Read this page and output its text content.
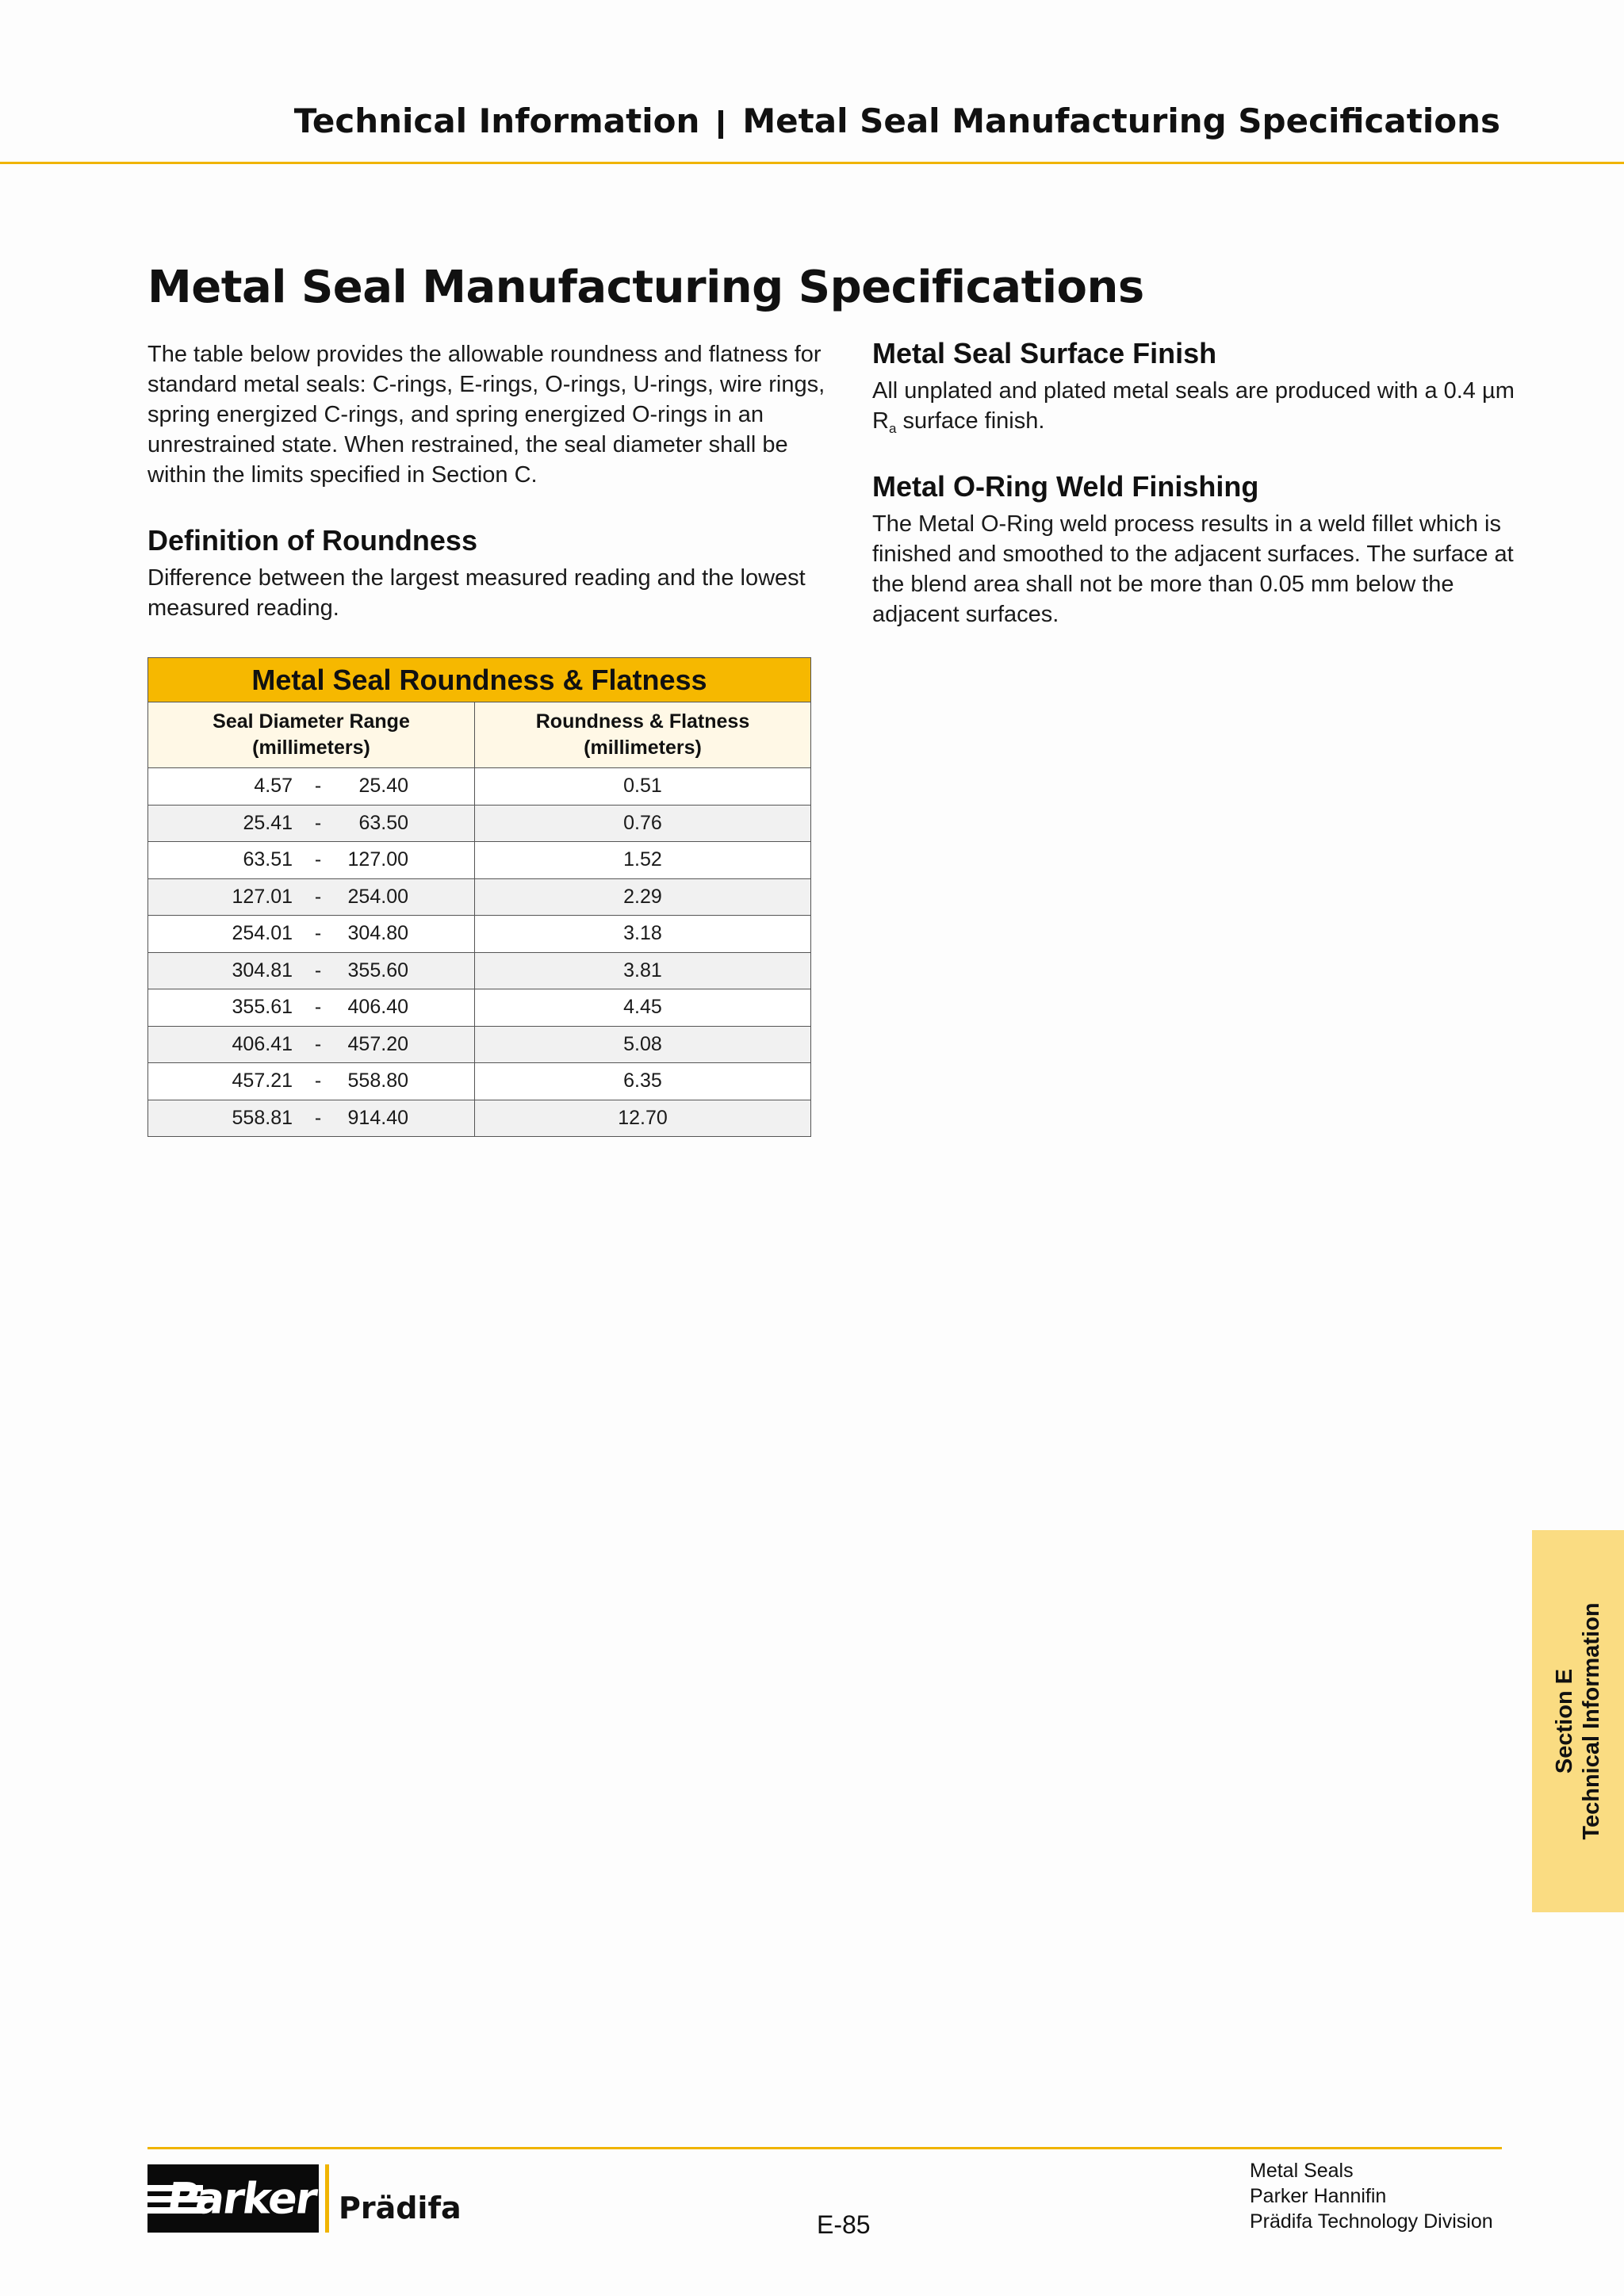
Technical Information Metal Seal Manufacturing Specifications
Metal Seal Manufacturing Specifications

The table below provides the allowable roundness and flatness for standard metal seals: C-rings, E-rings, O-rings, U-rings, wire rings, spring energized C-rings, and spring energized O-rings in an unrestrained state. When restrained, the seal diameter shall be within the limits specified in Section C.

Definition of Roundness

Difference between the largest measured reading and the lowest measured reading.

Metal Seal Surface Finish

All unplated and plated metal seals are produced with a 0.4 µm
$R_a$ surface finish.

Metal O-Ring Weld Finishing

The Metal O-Ring weld process results in a weld fillet which is finished and smoothed to the adjacent surfaces. The surface at the blend area shall not be more than 0.05 mm below the adjacent surfaces.

Metal Seal Roundness & Flatness	
Seal Diameter Range
(millimeters)	Roundness & Flatness
(millimeters)

4.57 - 25.40	0.51

25.41 - 63.50	0.76

63.51 - 127.00	1.52

127.01 - 254.00	2.29

254.01 - 304.80	3.18

304.81 - 355.60	3.81

355.61 - 406.40	4.45

406.41 - 457.20	5.08

457.21 - 558.80	6.35

558.81 - 914.40	12.70
Section E
Technical Information
Parker Prädifa	E-85
Metal Seals
Parker Hannifin
Prädifa Technology Division
